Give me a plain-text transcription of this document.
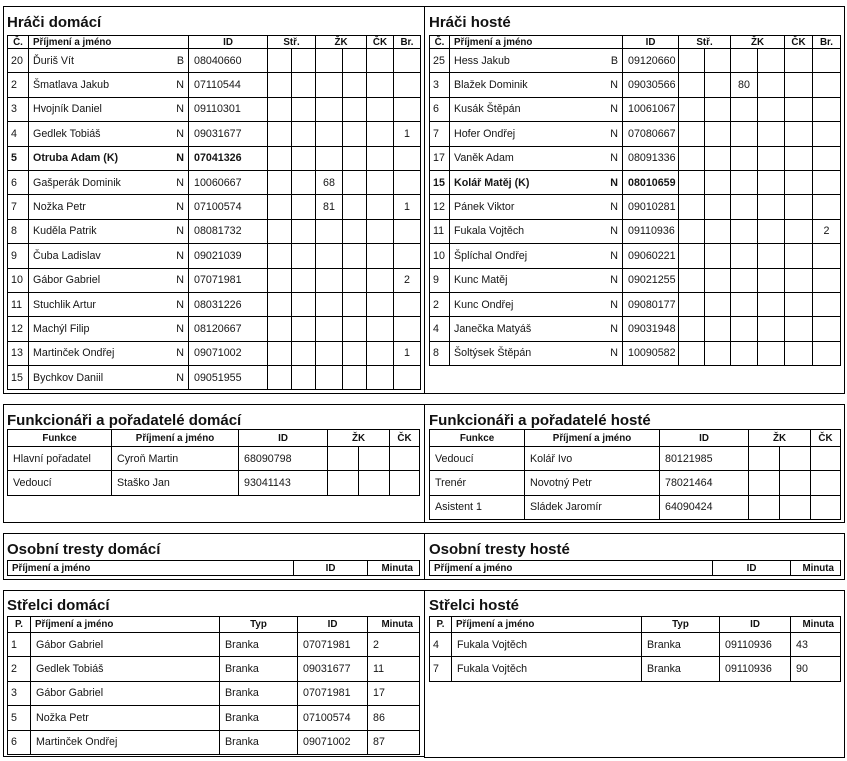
Hráči domácí	Hráči hosté
Č.	Příjmení a jméno	ID	Stř.		ŽK		ČK	Br.
20	Ďuriš Vít B	08040660						
2	Šmatlava Jakub N	07110544						
3	Hvojník Daniel N	09110301						
4	Gedlek Tobiáš N	09031677						1
5	Otruba Adam (K) N	07041326						
6	Gašperák Dominik N	10060667			68			
7	Nožka Petr N	07100574			81			1
8	Kuděla Patrik N	08081732						
9	Čuba Ladislav N	09021039						
10	Gábor Gabriel N	07071981						2
11	Stuchlik Artur N	08031226						
12	Machýl Filip N	08120667						
13	Martinček Ondřej N	09071002						1
15	Bychkov Daniil N	09051955						
Č.	Příjmení a jméno	ID	Stř.		ŽK		ČK	Br.
25	Hess Jakub B	09120660						
3	Blažek Dominik N	09030566			80			
6	Kusák Štěpán N	10061067						
7	Hofer Ondřej N	07080667						
17	Vaněk Adam N	08091336						
15	Kolář Matěj (K) N	08010659						
12	Pánek Viktor N	09010281						
11	Fukala Vojtěch N	09110936						2
10	Šplíchal Ondřej N	09060221						
9	Kunc Matěj N	09021255						
2	Kunc Ondřej N	09080177						
4	Janečka Matyáš N	09031948						
8	Šoltýsek Štěpán N	10090582						
Funkcionáři a pořadatelé domácí	Funkcionáři a pořadatelé hosté
Funkce	Příjmení a jméno	ID	ŽK		ČK
Hlavní pořadatel	Cyroň Martin	68090798			
Vedoucí	Staško Jan	93041143			
Funkce	Příjmení a jméno	ID	ŽK		ČK
Vedoucí	Kolář Ivo	80121985			
Trenér	Novotný Petr	78021464			
Asistent 1	Sládek Jaromír	64090424			
Osobní tresty domácí	Osobní tresty hosté
Příjmení a jméno	ID	Minuta Příjmení a jméno	ID	Minuta
Střelci domácí	Střelci hosté
P.	Příjmení a jméno	Typ	ID	Minuta
1	Gábor Gabriel	Branka	07071981	2
2	Gedlek Tobiáš	Branka	09031677	11
3	Gábor Gabriel	Branka	07071981	17
5	Nožka Petr	Branka	07100574	86
6	Martinček Ondřej	Branka	09071002	87
P.	Příjmení a jméno	Typ	ID	Minuta
4	Fukala Vojtěch	Branka	09110936	43
7	Fukala Vojtěch	Branka	09110936	90
